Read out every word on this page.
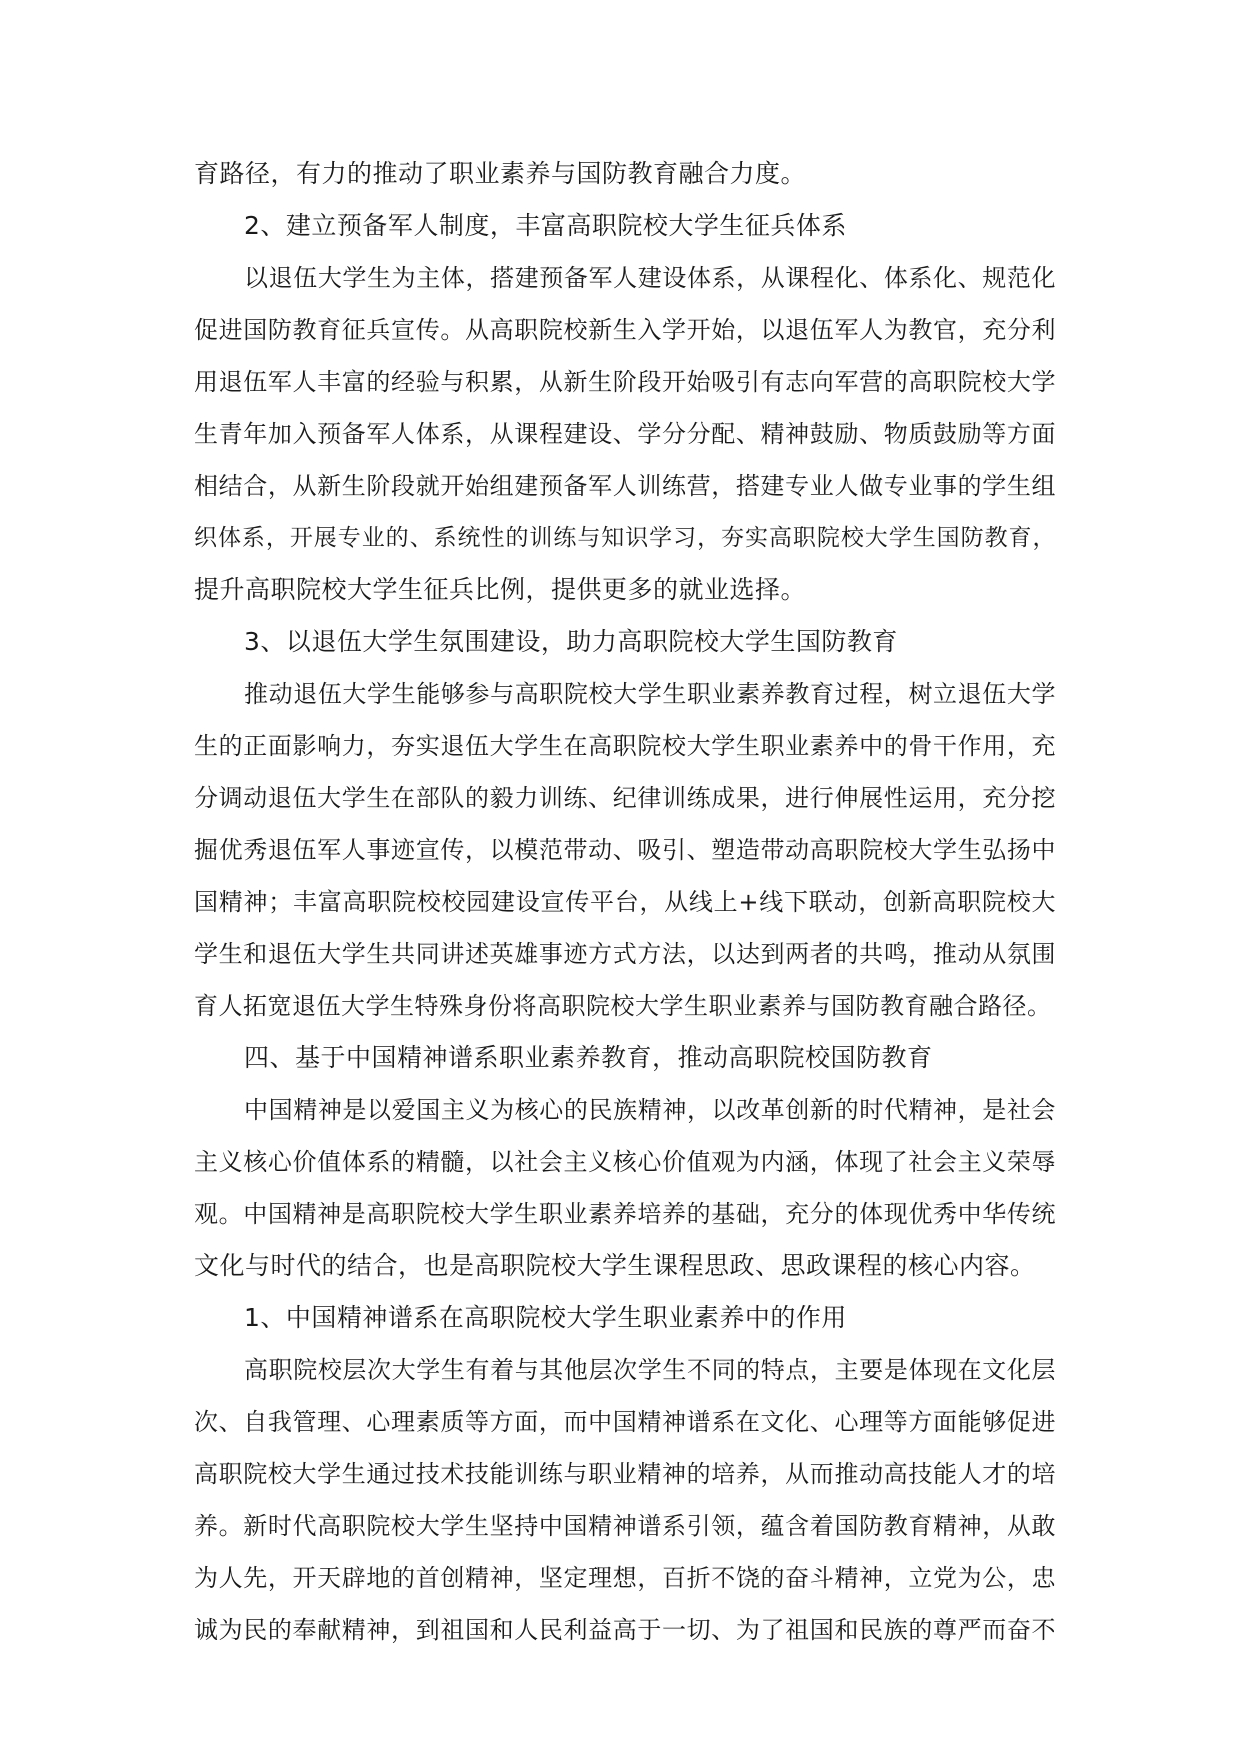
育路径，有力的推动了职业素养与国防教育融合力度。
2、建立预备军人制度，丰富高职院校大学生征兵体系
以退伍大学生为主体，搭建预备军人建设体系，从课程化、体系化、规范化
促进国防教育征兵宣传。从高职院校新生入学开始，以退伍军人为教官，充分利
用退伍军人丰富的经验与积累，从新生阶段开始吸引有志向军营的高职院校大学
生青年加入预备军人体系，从课程建设、学分分配、精神鼓励、物质鼓励等方面
相结合，从新生阶段就开始组建预备军人训练营，搭建专业人做专业事的学生组
织体系，开展专业的、系统性的训练与知识学习，夯实高职院校大学生国防教育，
提升高职院校大学生征兵比例，提供更多的就业选择。
3、以退伍大学生氛围建设，助力高职院校大学生国防教育
推动退伍大学生能够参与高职院校大学生职业素养教育过程，树立退伍大学
生的正面影响力，夯实退伍大学生在高职院校大学生职业素养中的骨干作用，充
分调动退伍大学生在部队的毅力训练、纪律训练成果，进行伸展性运用，充分挖
掘优秀退伍军人事迹宣传，以模范带动、吸引、塑造带动高职院校大学生弘扬中
国精神；丰富高职院校校园建设宣传平台，从线上+线下联动，创新高职院校大
学生和退伍大学生共同讲述英雄事迹方式方法，以达到两者的共鸣，推动从氛围
育人拓宽退伍大学生特殊身份将高职院校大学生职业素养与国防教育融合路径。
四、基于中国精神谱系职业素养教育，推动高职院校国防教育
中国精神是以爱国主义为核心的民族精神，以改革创新的时代精神，是社会
主义核心价值体系的精髓，以社会主义核心价值观为内涵，体现了社会主义荣辱
观。中国精神是高职院校大学生职业素养培养的基础，充分的体现优秀中华传统
文化与时代的结合，也是高职院校大学生课程思政、思政课程的核心内容。
1、中国精神谱系在高职院校大学生职业素养中的作用
高职院校层次大学生有着与其他层次学生不同的特点，主要是体现在文化层
次、自我管理、心理素质等方面，而中国精神谱系在文化、心理等方面能够促进
高职院校大学生通过技术技能训练与职业精神的培养，从而推动高技能人才的培
养。新时代高职院校大学生坚持中国精神谱系引领，蕴含着国防教育精神，从敢
为人先，开天辟地的首创精神，坚定理想，百折不饶的奋斗精神，立党为公，忠
诚为民的奉献精神，到祖国和人民利益高于一切、为了祖国和民族的尊严而奋不
